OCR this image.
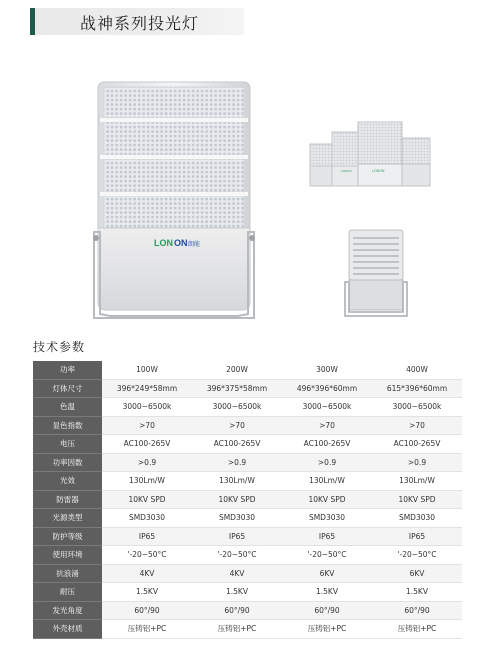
战神系列投光灯
LON ON 朗能
LONON
LONON
技术参数
功率	100W	200W	300W	400W
灯体尺寸	396*249*58mm	396*375*58mm	496*396*60mm	615*396*60mm
色温	3000~6500k	3000~6500k	3000~6500k	3000~6500k
显色指数	>70	>70	>70	>70
电压	AC100-265V	AC100-265V	AC100-265V	AC100-265V
功率因数	>0.9	>0.9	>0.9	>0.9
光效	130Lm/W	130Lm/W	130Lm/W	130Lm/W
防雷器	10KV SPD	10KV SPD	10KV SPD	10KV SPD
光源类型	SMD3030	SMD3030	SMD3030	SMD3030
防护等级	IP65	IP65	IP65	IP65
使用环境	'-20~50°C	'-20~50°C	'-20~50°C	'-20~50°C
抗浪涌	4KV	4KV	6KV	6KV
耐压	1.5KV	1.5KV	1.5KV	1.5KV
发光角度	60°/90	60°/90	60°/90	60°/90
外壳材质	压铸铝+PC	压铸铝+PC	压铸铝+PC	压铸铝+PC
